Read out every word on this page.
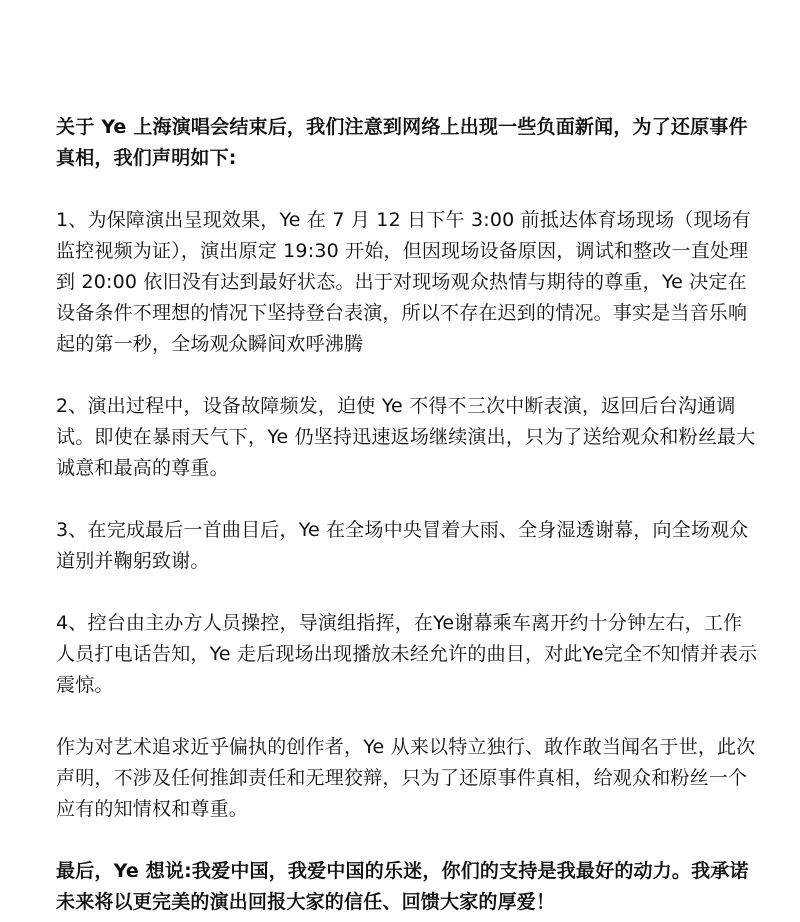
关于 Ye 上海演唱会结束后，我们注意到网络上出现一些负面新闻，为了还原事件真相，我们声明如下:

1、为保障演出呈现效果，Ye 在 7 月 12 日下午 3:00 前抵达体育场现场（现场有监控视频为证），演出原定 19:30 开始，但因现场设备原因，调试和整改一直处理到 20:00 依旧没有达到最好状态。出于对现场观众热情与期待的尊重，Ye 决定在设备条件不理想的情况下坚持登台表演，所以不存在迟到的情况。事实是当音乐响起的第一秒，全场观众瞬间欢呼沸腾

2、演出过程中，设备故障频发，迫使 Ye 不得不三次中断表演，返回后台沟通调试。即使在暴雨天气下，Ye 仍坚持迅速返场继续演出，只为了送给观众和粉丝最大诚意和最高的尊重。

3、在完成最后一首曲目后，Ye 在全场中央冒着大雨、全身湿透谢幕，向全场观众道别并鞠躬致谢。

4、控台由主办方人员操控，导演组指挥，在Ye谢幕乘车离开约十分钟左右，工作人员打电话告知，Ye 走后现场出现播放未经允许的曲目，对此Ye完全不知情并表示震惊。

作为对艺术追求近乎偏执的创作者，Ye 从来以特立独行、敢作敢当闻名于世，此次声明，不涉及任何推卸责任和无理狡辩，只为了还原事件真相，给观众和粉丝一个应有的知情权和尊重。

最后，Ye 想说:我爱中国，我爱中国的乐迷，你们的支持是我最好的动力。我承诺未来将以更完美的演出回报大家的信任、回馈大家的厚爱！
